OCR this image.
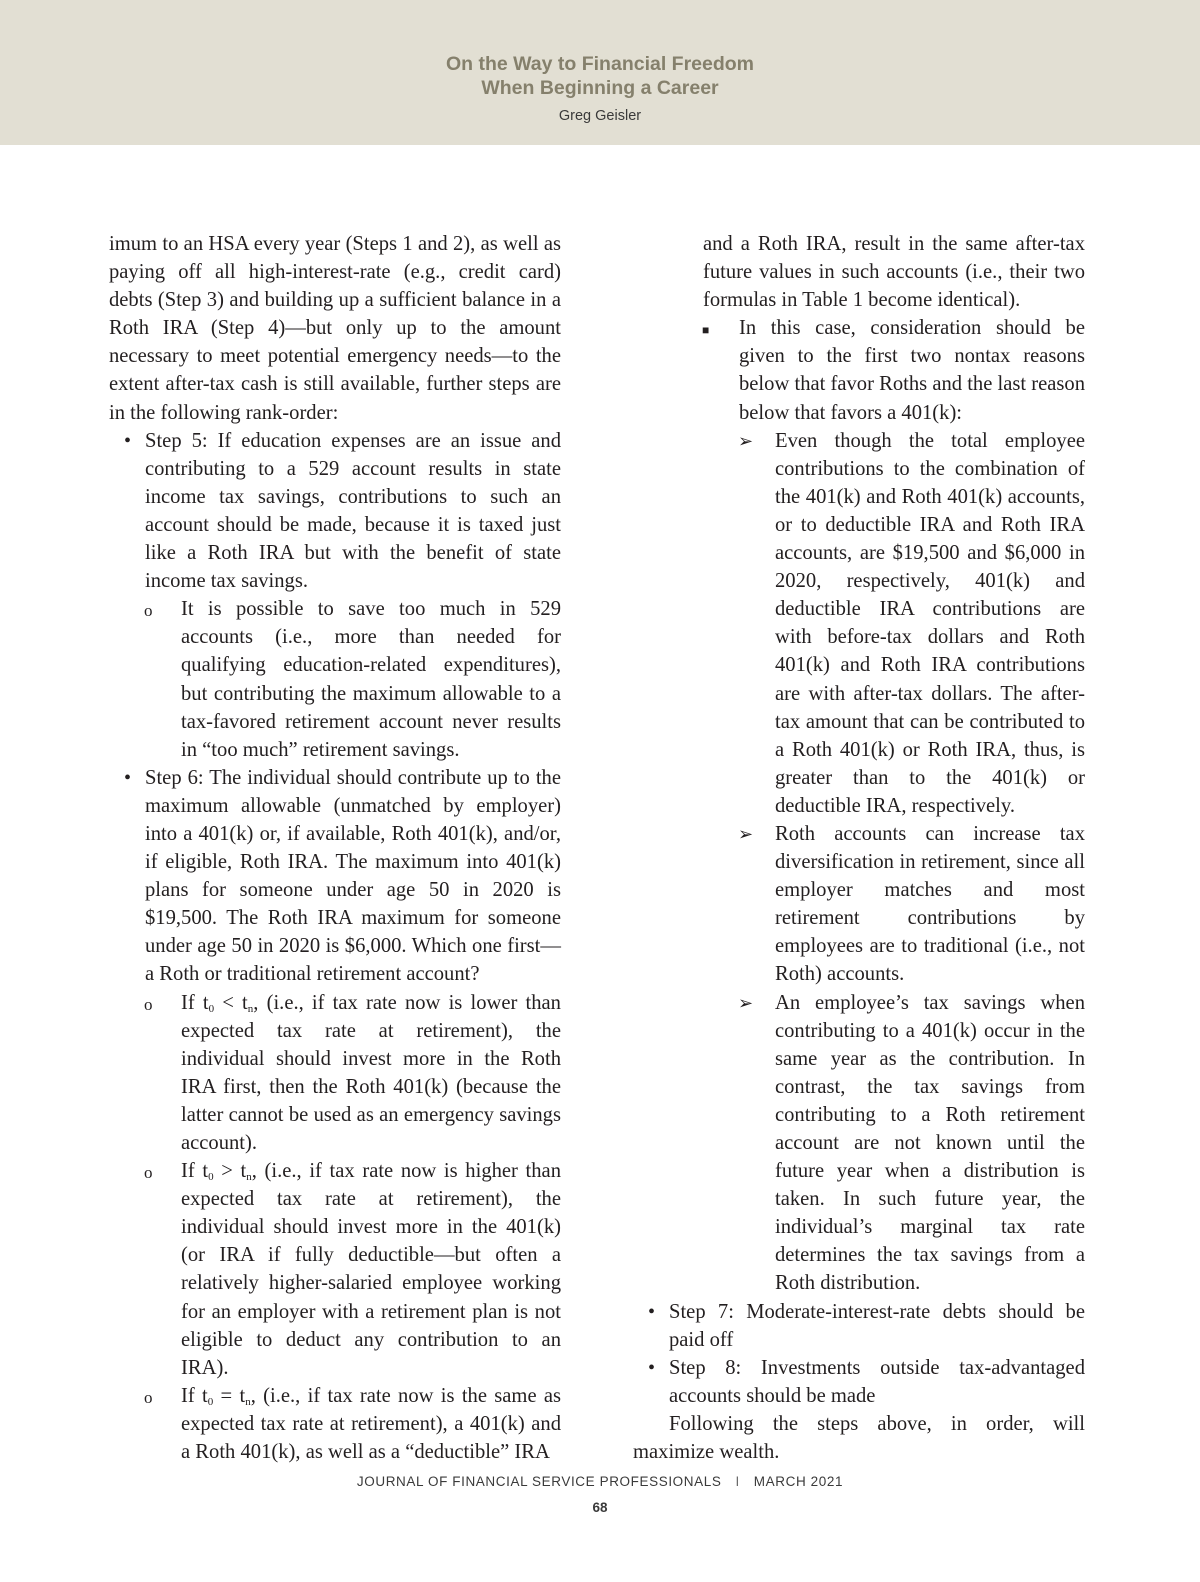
On the Way to Financial Freedom
When Beginning a Career
Greg Geisler

imum to an HSA every year (Steps 1 and 2), as well as paying off all high-interest-rate (e.g., credit card) debts (Step 3) and building up a sufficient balance in a Roth IRA (Step 4)—but only up to the amount necessary to meet potential emergency needs—to the extent after-tax cash is still available, further steps are in the following rank-order:

• Step 5: If education expenses are an issue and contributing to a 529 account results in state income tax savings, contributions to such an account should be made, because it is taxed just like a Roth IRA but with the benefit of state income tax savings.

o It is possible to save too much in 529 accounts (i.e., more than needed for qualifying education-related expenditures), but contributing the maximum allowable to a tax-favored retirement account never results in “too much” retirement savings.

• Step 6: The individual should contribute up to the maximum allowable (unmatched by employer) into a 401(k) or, if available, Roth 401(k), and/or, if eligible, Roth IRA. The maximum into 401(k) plans for someone under age 50 in 2020 is $19,500. The Roth IRA maximum for someone under age 50 in 2020 is $6,000. Which one first—a Roth or traditional retirement account?

o If $t_0 < t_n$, (i.e., if tax rate now is lower than expected tax rate at retirement), the individual should invest more in the Roth IRA first, then the Roth 401(k) (because the latter cannot be used as an emergency savings account).

o If $t_0 > t_n$, (i.e., if tax rate now is higher than expected tax rate at retirement), the individual should invest more in the 401(k) (or IRA if fully deductible—but often a relatively higher-salaried employee working for an employer with a retirement plan is not eligible to deduct any contribution to an IRA).

o If $t_0 = t_n$, (i.e., if tax rate now is the same as expected tax rate at retirement), a 401(k) and a Roth 401(k), as well as a “deductible” IRA

and a Roth IRA, result in the same after-tax future values in such accounts (i.e., their two formulas in Table 1 become identical).

■ In this case, consideration should be given to the first two nontax reasons below that favor Roths and the last reason below that favors a 401(k):

➢ Even though the total employee contributions to the combination of the 401(k) and Roth 401(k) accounts, or to deductible IRA and Roth IRA accounts, are $19,500 and $6,000 in 2020, respectively, 401(k) and deductible IRA contributions are with before-tax dollars and Roth 401(k) and Roth IRA contributions are with after-tax dollars. The after-tax amount that can be contributed to a Roth 401(k) or Roth IRA, thus, is greater than to the 401(k) or deductible IRA, respectively.

➢ Roth accounts can increase tax diversification in retirement, since all employer matches and most retirement contributions by employees are to traditional (i.e., not Roth) accounts.

➢ An employee’s tax savings when contributing to a 401(k) occur in the same year as the contribution. In contrast, the tax savings from contributing to a Roth retirement account are not known until the future year when a distribution is taken. In such future year, the individual’s marginal tax rate determines the tax savings from a Roth distribution.

• Step 7: Moderate-interest-rate debts should be paid off

• Step 8: Investments outside tax-advantaged accounts should be made

Following the steps above, in order, will maximize wealth.

JOURNAL OF FINANCIAL SERVICE PROFESSIONALS I MARCH 2021
68
